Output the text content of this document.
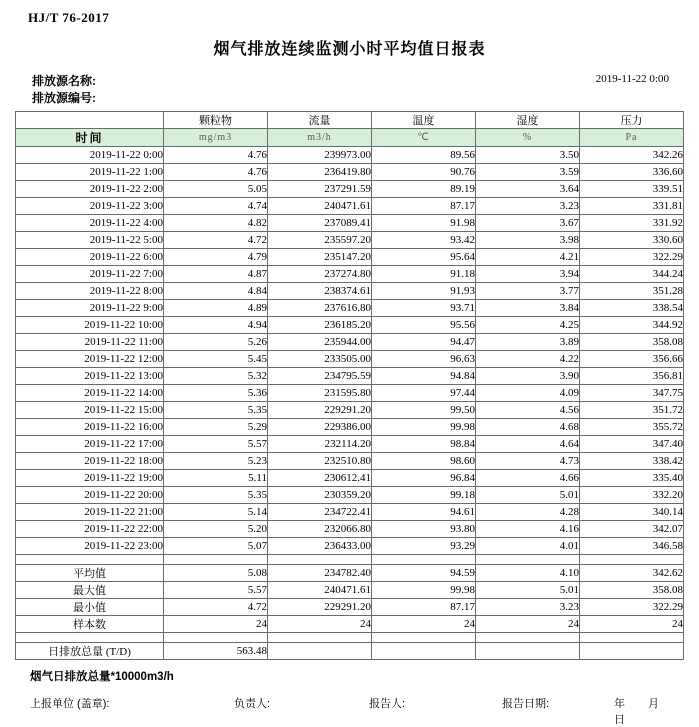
HJ/T 76-2017
烟气排放连续监测小时平均值日报表
排放源名称:
排放源编号:
2019-11-22 0:00
	颗粒物	流量	温度	湿度	压力
时间	mg/m3	m3/h	℃	%	Pa
2019-11-22 0:00	4.76	239973.00	89.56	3.50	342.26
2019-11-22 1:00	4.76	236419.80	90.76	3.59	336.60
2019-11-22 2:00	5.05	237291.59	89.19	3.64	339.51
2019-11-22 3:00	4.74	240471.61	87.17	3.23	331.81
2019-11-22 4:00	4.82	237089.41	91.98	3.67	331.92
2019-11-22 5:00	4.72	235597.20	93.42	3.98	330.60
2019-11-22 6:00	4.79	235147.20	95.64	4.21	322.29
2019-11-22 7:00	4.87	237274.80	91.18	3.94	344.24
2019-11-22 8:00	4.84	238374.61	91.93	3.77	351.28
2019-11-22 9:00	4.89	237616.80	93.71	3.84	338.54
2019-11-22 10:00	4.94	236185.20	95.56	4.25	344.92
2019-11-22 11:00	5.26	235944.00	94.47	3.89	358.08
2019-11-22 12:00	5.45	233505.00	96.63	4.22	356.66
2019-11-22 13:00	5.32	234795.59	94.84	3.90	356.81
2019-11-22 14:00	5.36	231595.80	97.44	4.09	347.75
2019-11-22 15:00	5.35	229291.20	99.50	4.56	351.72
2019-11-22 16:00	5.29	229386.00	99.98	4.68	355.72
2019-11-22 17:00	5.57	232114.20	98.84	4.64	347.40
2019-11-22 18:00	5.23	232510.80	98.60	4.73	338.42
2019-11-22 19:00	5.11	230612.41	96.84	4.66	335.40
2019-11-22 20:00	5.35	230359.20	99.18	5.01	332.20
2019-11-22 21:00	5.14	234722.41	94.61	4.28	340.14
2019-11-22 22:00	5.20	232066.80	93.80	4.16	342.07
2019-11-22 23:00	5.07	236433.00	93.29	4.01	346.58

平均值	5.08	234782.40	94.59	4.10	342.62
最大值	5.57	240471.61	99.98	5.01	358.08
最小值	4.72	229291.20	87.17	3.23	322.29
样本数	24	24	24	24	24

日排放总量 (T/D)	563.48				
烟气日排放总量*10000m3/h
上报单位 (盖章):	负责人:	报告人:	报告日期:	年 月 日
